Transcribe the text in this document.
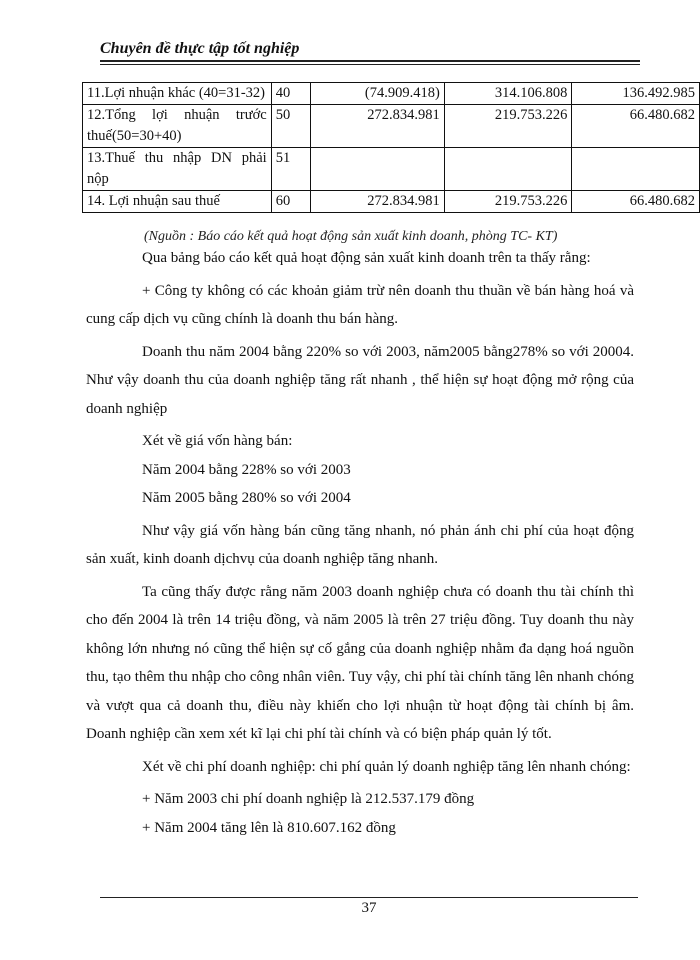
Chuyên đề thực tập tốt nghiệp
11.Lợi nhuận khác (40=31-32)	40	(74.909.418)	314.106.808	136.492.985
12.Tổng lợi nhuận trước thuế(50=30+40)	50	272.834.981	219.753.226	66.480.682
13.Thuế thu nhập DN phải nộp	51			
14. Lợi nhuận sau thuế	60	272.834.981	219.753.226	66.480.682
(Nguồn : Báo cáo kết quả hoạt động sản xuất kinh doanh, phòng TC- KT)

Qua bảng báo cáo kết quả hoạt động sản xuất kinh doanh trên ta thấy rằng:

+ Công ty không có các khoản giảm trừ nên doanh thu thuần về bán hàng hoá và cung cấp dịch vụ cũng chính là doanh thu bán hàng.

Doanh thu năm 2004 bằng 220% so với 2003, năm2005 bằng278% so với 20004. Như vậy doanh thu của doanh nghiệp tăng rất nhanh , thể hiện sự hoạt động mở rộng của doanh nghiệp

Xét về giá vốn hàng bán:

Năm 2004 bằng 228% so với 2003

Năm 2005 bằng 280% so với 2004

Như vậy giá vốn hàng bán cũng tăng nhanh, nó phản ánh chi phí của hoạt động sản xuất, kinh doanh dịchvụ của doanh nghiệp tăng nhanh.

Ta cũng thấy được rằng năm 2003 doanh nghiệp chưa có doanh thu tài chính thì cho đến 2004 là trên 14 triệu đồng, và năm 2005 là trên 27 triệu đồng. Tuy doanh thu này không lớn nhưng nó cũng thể hiện sự cố gắng của doanh nghiệp nhằm đa dạng hoá nguồn thu, tạo thêm thu nhập cho công nhân viên. Tuy vậy, chi phí tài chính tăng lên nhanh chóng và vượt qua cả doanh thu, điều này khiến cho lợi nhuận từ hoạt động tài chính bị âm. Doanh nghiệp cần xem xét kĩ lại chi phí tài chính và có biện pháp quản lý tốt.

Xét về chi phí doanh nghiệp: chi phí quản lý doanh nghiệp tăng lên nhanh chóng:

+ Năm 2003 chi phí doanh nghiệp là 212.537.179 đồng

+ Năm 2004 tăng lên là 810.607.162 đồng

37
